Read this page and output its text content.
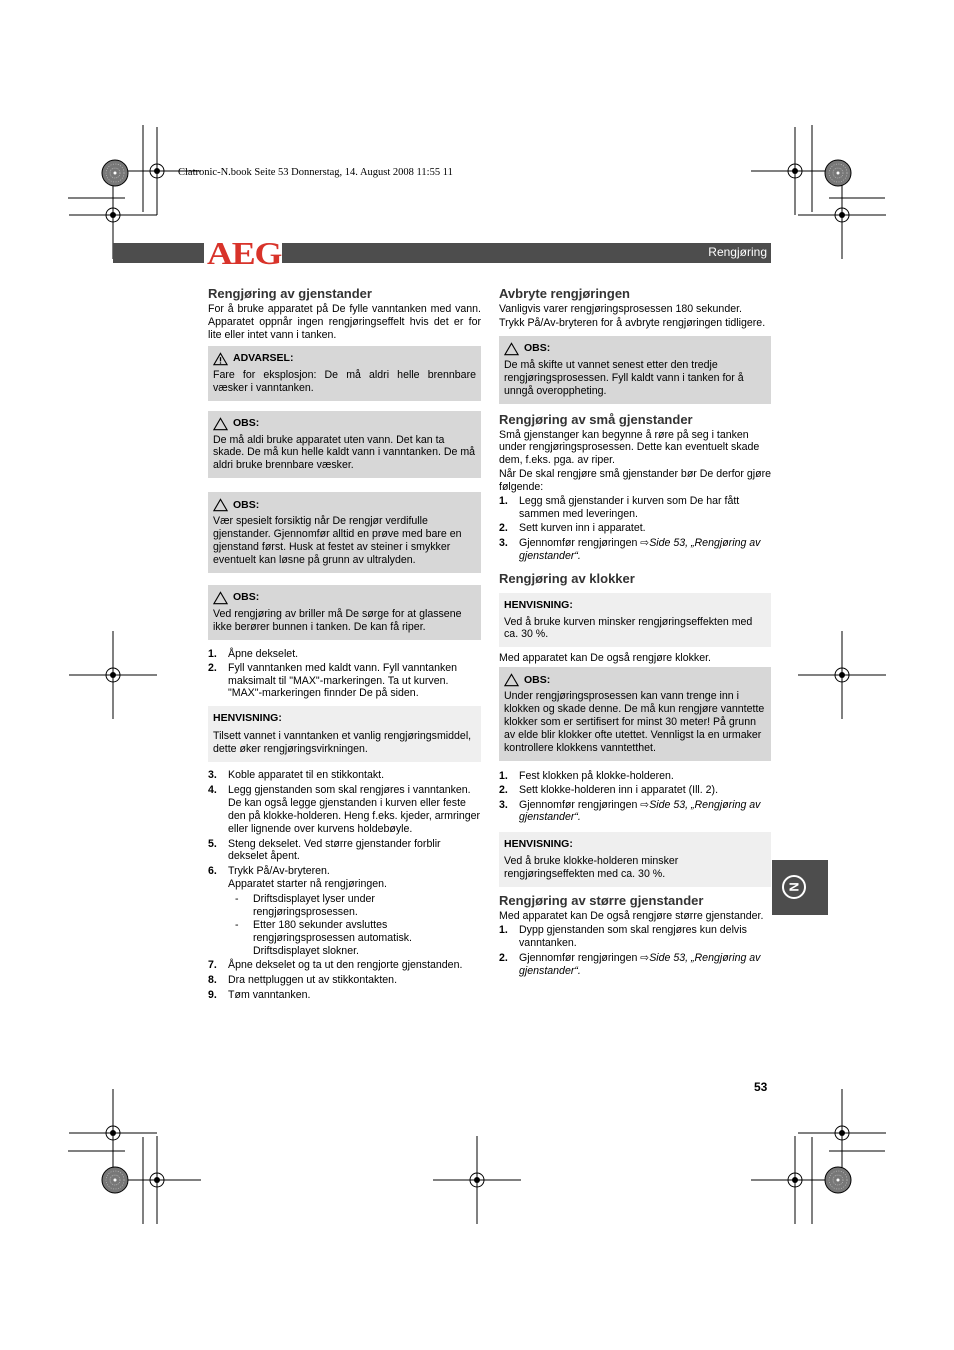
Clatronic-N.book Seite 53 Donnerstag, 14. August 2008 11:55 11
AEG	Rengjøring
Rengjøring av gjenstander

For å bruke apparatet på De fylle vanntanken med vann. Apparatet oppnår ingen rengjøringseffelt hvis det er for lite eller intet vann i tanken.

ADVARSEL:

Fare for eksplosjon: De må aldri helle brennbare væsker i vanntanken.

OBS:

De må aldi bruke apparatet uten vann. Det kan ta skade. De må kun helle kaldt vann i vanntanken. De må aldri bruke brennbare væsker.

OBS:

Vær spesielt forsiktig når De rengjør verdifulle gjenstander. Gjennomfør alltid en prøve med bare en gjenstand først. Husk at festet av steiner i smykker eventuelt kan løsne på grunn av ultralyden.

OBS:

Ved rengjøring av briller må De sørge for at glassene ikke berører bunnen i tanken. De kan få riper.

1.	Åpne dekselet.
2.	Fyll vanntanken med kaldt vann. Fyll vanntanken maksimalt til "MAX"-markeringen. Ta ut kurven. "MAX"-markeringen finnder De på siden.
HENVISNING:

Tilsett vannet i vanntanken et vanlig rengjøringsmiddel, dette øker rengjøringsvirkningen.

3.	Koble apparatet til en stikkontakt.
4.	Legg gjenstanden som skal rengjøres i vanntanken. De kan også legge gjenstanden i kurven eller feste den på klokke-holderen. Heng f.eks. kjeder, armringer eller lignende over kurvens holdebøyle.
5.	Steng dekselet. Ved større gjenstander forblir dekselet åpent.
6.	Trykk På/Av-bryteren.
Apparatet starter nå rengjøringen.
-	Driftsdisplayet lyser under rengjøringsprosessen.
-	Etter 180 sekunder avsluttes rengjøringsprosessen automatisk. Driftsdisplayet slokner.
7.	Åpne dekselet og ta ut den rengjorte gjenstanden.
8.	Dra nettpluggen ut av stikkontakten.
9.	Tøm vanntanken.
Avbryte rengjøringen

Vanligvis varer rengjøringsprosessen 180 sekunder.

Trykk På/Av-bryteren for å avbryte rengjøringen tidligere.

OBS:

De må skifte ut vannet senest etter den tredje rengjøringsprosessen. Fyll kaldt vann i tanken for å unngå overoppheting.

Rengjøring av små gjenstander

Små gjenstanger kan begynne å røre på seg i tanken under rengjøringsprosessen. Dette kan eventuelt skade dem, f.eks. pga. av riper.

Når De skal rengjøre små gjenstander bør De derfor gjøre følgende:

1.	Legg små gjenstander i kurven som De har fått sammen med leveringen.
2.	Sett kurven inn i apparatet.
3.	Gjennomfør rengjøringen ⇨Side 53, „Rengjøring av gjenstander“.
Rengjøring av klokker
HENVISNING:

Ved å bruke kurven minsker rengjøringseffekten med ca. 30 %.

Med apparatet kan De også rengjøre klokker.

OBS:

Under rengjøringsprosessen kan vann trenge inn i klokken og skade denne. De må kun rengjøre vanntette klokker som er sertifisert for minst 30 meter! På grunn av elde blir klokker ofte utettet. Vennligst la en urmaker kontrollere klokkens vanntetthet.

1.	Fest klokken på klokke-holderen.
2.	Sett klokke-holderen inn i apparatet (Ill. 2).
3.	Gjennomfør rengjøringen ⇨Side 53, „Rengjøring av gjenstander“.
HENVISNING:

Ved å bruke klokke-holderen minsker rengjøringseffekten med ca. 30 %.

Rengjøring av større gjenstander

Med apparatet kan De også rengjøre større gjenstander.

1.	Dypp gjenstanden som skal rengjøres kun delvis vanntanken.
2.	Gjennomfør rengjøringen ⇨Side 53, „Rengjøring av gjenstander“.
N
53
